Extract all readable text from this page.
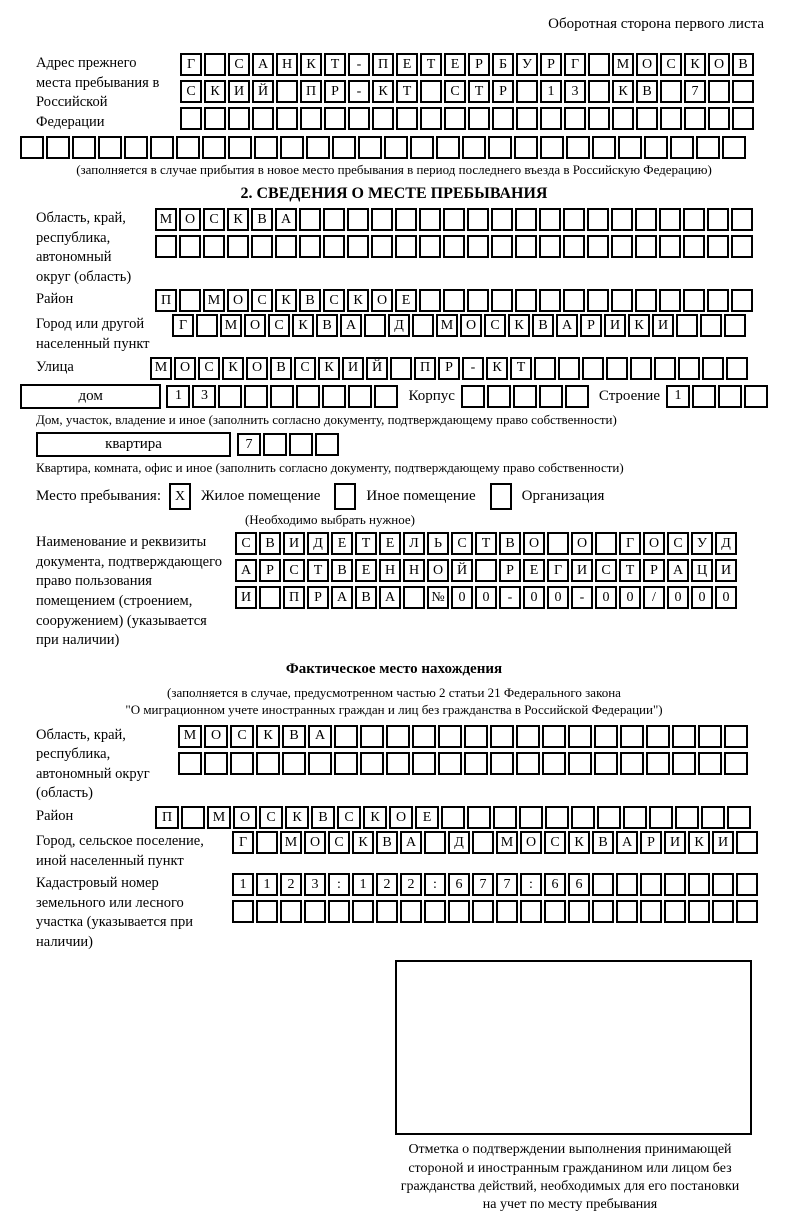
Оборотная сторона первого листа
Адрес прежнего места пребывания в Российской Федерации
Г	С	А Н	К	Т	-	П	Е	Т	Е	Р	Б	У	Р	Г	М О	С	К	О	В
С	К	И Й	П	Р	-	К	Т	С	Т	Р	1	3	К	В	7
(заполняется в случае прибытия в новое место пребывания в период последнего въезда в Российскую Федерацию)
2. СВЕДЕНИЯ О МЕСТЕ ПРЕБЫВАНИЯ
Область, край, республика, автономный округ (область)
М О	С	К	В	А
Район	П	М О	С	К	В	С	К	О	Е
Город или другой населенный пункт
Г	М О	С	К	В	А	Д	М О	С	К	В	А	Р	И	К	И
Улица	М О	С	К	О	В	С	К	И Й	П	Р	-	К	Т
дом	1	3	Корпус	Строение	1
Дом, участок, владение и иное (заполнить согласно документу, подтверждающему право собственности)
квартира	7
Квартира, комната, офис и иное (заполнить согласно документу, подтверждающему право собственности)
Место пребывания: X	Жилое помещение	Иное помещение	Организация
(Необходимо выбрать нужное)
Наименование и реквизиты документа, подтверждающего право пользования помещением (строением, сооружением) (указывается при наличии)
С	В	И	Д	Е	Т	Е	Л	Ь	С	Т	В	О	О	Г	О	С	У	Д
А	Р	С	Т	В	Е	Н Н О Й	Р	Е	Г	И	С	Т	Р	А Ц И
И	П	Р	А	В	А	№ 0	0	-	0	0	-	0	0	/	0	0	0
Фактическое место нахождения
(заполняется в случае, предусмотренном частью 2 статьи 21 Федерального закона
"О миграционном учете иностранных граждан и лиц без гражданства в Российской Федерации")
Область, край, республика, автономный округ (область)
М	О	С	К	В	А
Район	П	М	О	С	К	В	С	К	О	Е
Город, сельское поселение, иной населенный пункт
Г	М О	С	К	В	А	Д	М О	С	К	В	А	Р	И	К	И
Кадастровый номер земельного или лесного участка (указывается при наличии)
1	1	2	3	:	1	2	2	:	6	7	7	:	6	6
Отметка о подтверждении выполнения принимающей
стороной и иностранным гражданином или лицом без
гражданства действий, необходимых для его постановки
на учет по месту пребывания
